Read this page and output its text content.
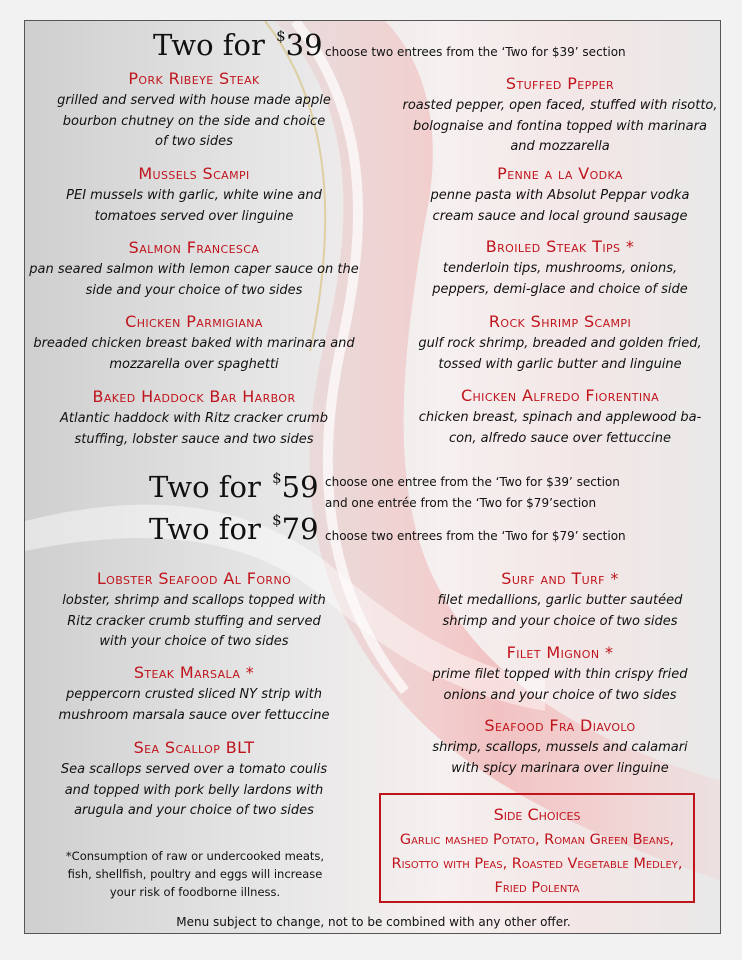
Two for $39 choose two entrees from the ‘Two for $39’ section
Pork Ribeye Steak
grilled and served with house made apple bourbon chutney on the side and choice of two sides
Mussels Scampi
PEI mussels with garlic, white wine and tomatoes served over linguine
Salmon Francesca
pan seared salmon with lemon caper sauce on the side and your choice of two sides
Chicken Parmigiana
breaded chicken breast baked with marinara and mozzarella over spaghetti
Baked Haddock Bar Harbor
Atlantic haddock with Ritz cracker crumb stuffing, lobster sauce and two sides
Stuffed Pepper
roasted pepper, open faced, stuffed with risotto, bolognaise and fontina topped with marinara and mozzarella
Penne a la Vodka
penne pasta with Absolut Peppar vodka cream sauce and local ground sausage
Broiled Steak Tips *
tenderloin tips, mushrooms, onions, peppers, demi-glace and choice of side
Rock Shrimp Scampi
gulf rock shrimp, breaded and golden fried, tossed with garlic butter and linguine
Chicken Alfredo Fiorentina
chicken breast, spinach and applewood ba-con, alfredo sauce over fettuccine
Two for $59 choose one entree from the ‘Two for $39’ section
and one entrée from the ‘Two for $79’section
Two for $79 choose two entrees from the ‘Two for $79’ section
Lobster Seafood Al Forno
lobster, shrimp and scallops topped with Ritz cracker crumb stuffing and served with your choice of two sides
Steak Marsala *
peppercorn crusted sliced NY strip with mushroom marsala sauce over fettuccine
Sea Scallop BLT
Sea scallops served over a tomato coulis and topped with pork belly lardons with arugula and your choice of two sides
Surf and Turf *
filet medallions, garlic butter sautéed shrimp and your choice of two sides
Filet Mignon *
prime filet topped with thin crispy fried onions and your choice of two sides
Seafood Fra Diavolo
shrimp, scallops, mussels and calamari with spicy marinara over linguine
Side Choices
Garlic mashed Potato, Roman Green Beans, Risotto with Peas, Roasted Vegetable Medley, Fried Polenta
*Consumption of raw or undercooked meats, fish, shellfish, poultry and eggs will increase your risk of foodborne illness.
Menu subject to change, not to be combined with any other offer.
